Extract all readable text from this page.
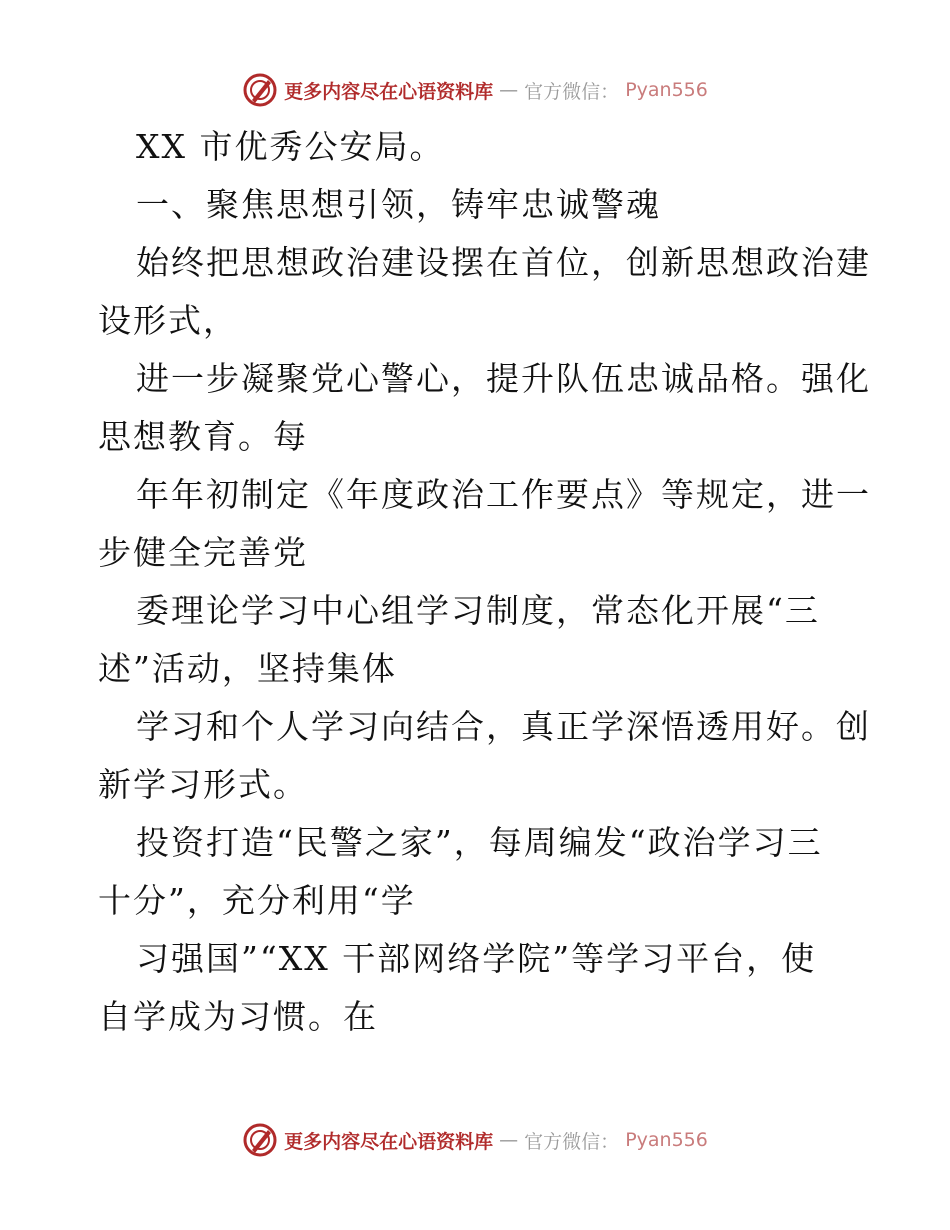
更多内容尽在心语资料库 — 官方微信： Pyan556
XX 市优秀公安局。
一、聚焦思想引领，铸牢忠诚警魂
始终把思想政治建设摆在首位，创新思想政治建
设形式，
进一步凝聚党心警心，提升队伍忠诚品格。强化
思想教育。每
年年初制定《年度政治工作要点》等规定，进一
步健全完善党
委理论学习中心组学习制度，常态化开展“三
述”活动，坚持集体
学习和个人学习向结合，真正学深悟透用好。创
新学习形式。
投资打造“民警之家”，每周编发“政治学习三
十分”，充分利用“学
习强国”“XX 干部网络学院”等学习平台，使
自学成为习惯。在
更多内容尽在心语资料库 — 官方微信： Pyan556
